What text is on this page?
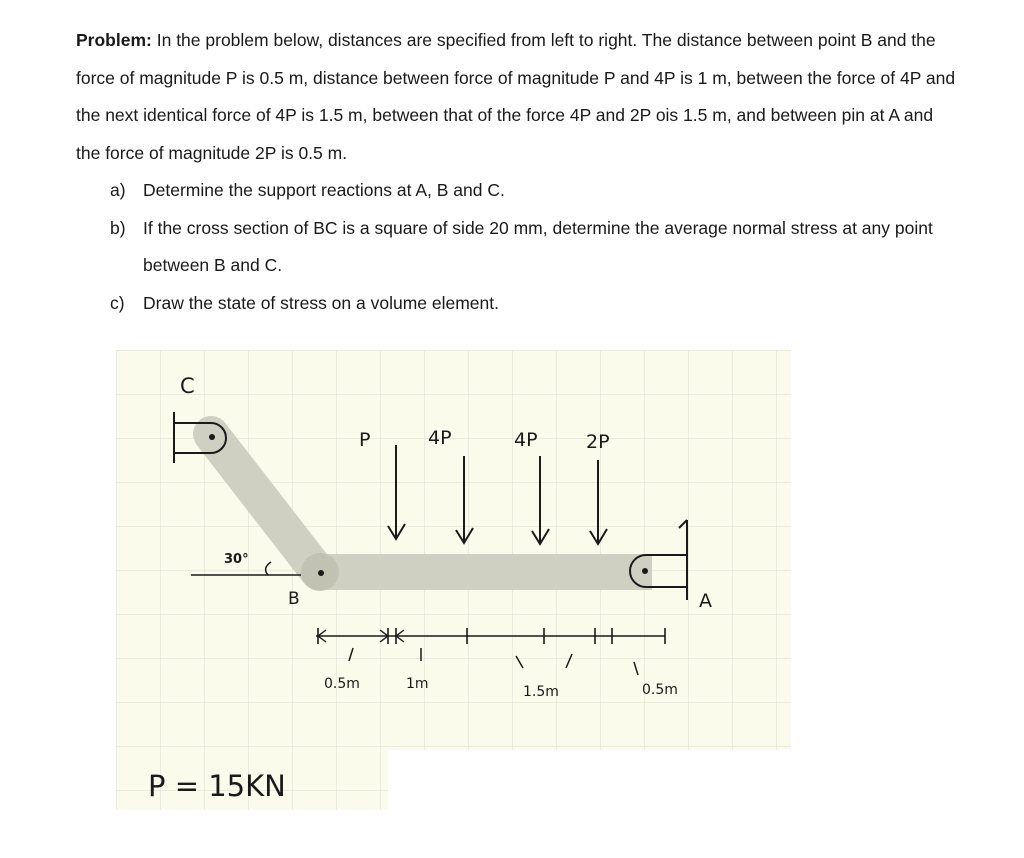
Problem: In the problem below, distances are specified from left to right. The distance between point B and the force of magnitude P is 0.5 m, distance between force of magnitude P and 4P is 1 m, between the force of 4P and the next identical force of 4P is 1.5 m, between that of the force 4P and 2P ois 1.5 m, and between pin at A and the force of magnitude 2P is 0.5 m.

a) Determine the support reactions at A, B and C.
b) If the cross section of BC is a square of side 20 mm, determine the average normal stress at any point between B and C.
c)	Draw the state of stress on a volume element.
C
B
30°
A
P	4P	4P	2P
0.5m	1m	1.5m	0.5m
P = 15KN
